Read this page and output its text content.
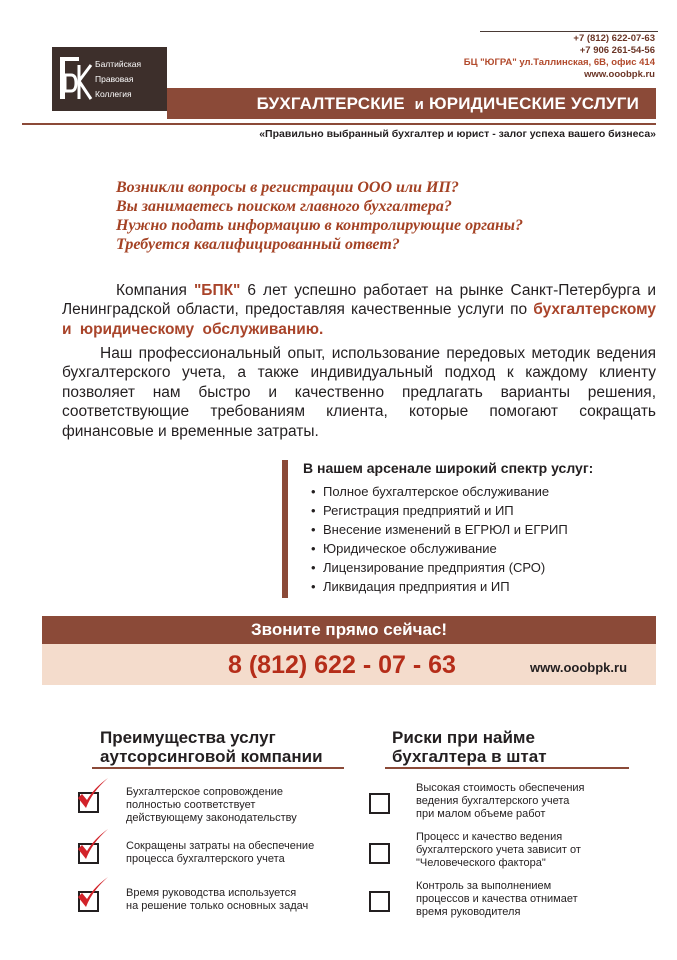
Балтийская
Правовая
Коллегия
+7 (812) 622-07-63
+7 906 261-54-56
БЦ "ЮГРА" ул.Таллинская, 6В, офис 414
www.ooobpk.ru
БУХГАЛТЕРСКИЕ и ЮРИДИЧЕСКИЕ УСЛУГИ
«Правильно выбранный бухгалтер и юрист - залог успеха вашего бизнеса»
Возникли вопросы в регистрации ООО или ИП?
Вы занимаетесь поиском главного бухгалтера?
Нужно подать информацию в контролирующие органы?
Требуется квалифицированный ответ?
Компания "БПК" 6 лет успешно работает на рынке Санкт-Петербурга и
Ленинградской области, предоставляя качественные услуги по бухгалтерскому
и юридическому обслуживанию.
Наш профессиональный опыт, использование передовых методик ведения
бухгалтерского учета, а также индивидуальный подход к каждому клиенту
позволяет нам быстро и качественно предлагать варианты решения,
соответствующие требованиям клиента, которые помогают сокращать
финансовые и временные затраты.
В нашем арсенале широкий спектр услуг:
• Полное бухгалтерское обслуживание
• Регистрация предприятий и ИП
• Внесение изменений в ЕГРЮЛ и ЕГРИП
• Юридическое обслуживание
• Лицензирование предприятия (СРО)
• Ликвидация предприятия и ИП
Звоните прямо сейчас!
8 (812) 622 - 07 - 63	www.ooobpk.ru
Преимущества услуг
аутсорсинговой компании
Бухгалтерское сопровождение
полностью соответствует
действующему законодательству
Сокращены затраты на обеспечение
процесса бухгалтерского учета
Время руководства используется
на решение только основных задач
Риски при найме
бухгалтера в штат
Высокая стоимость обеспечения
ведения бухгалтерского учета
при малом объеме работ
Процесс и качество ведения
бухгалтерского учета зависит от
"Человеческого фактора"
Контроль за выполнением
процессов и качества отнимает
время руководителя
